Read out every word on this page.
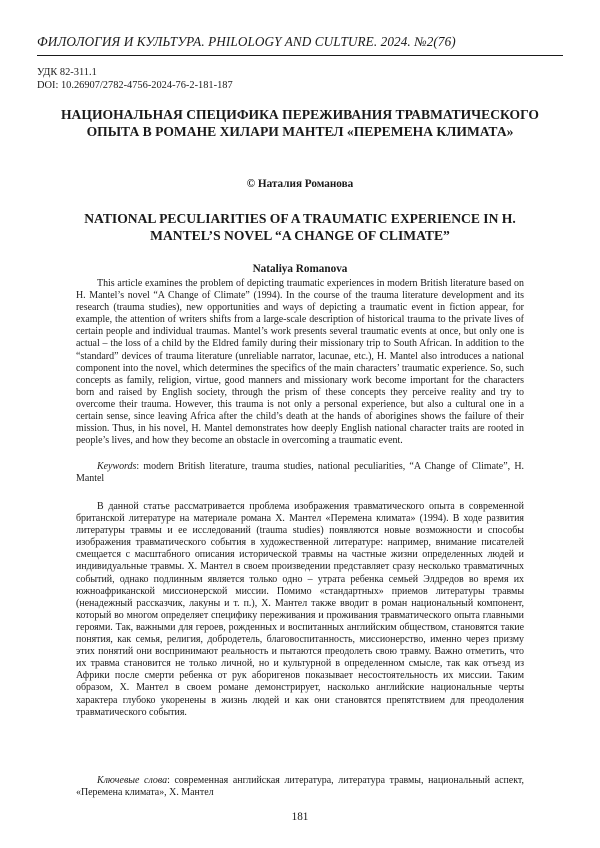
ФИЛОЛОГИЯ И КУЛЬТУРА. PHILOLOGY AND CULTURE. 2024. №2(76)
УДК 82-311.1
DOI: 10.26907/2782-4756-2024-76-2-181-187
НАЦИОНАЛЬНАЯ СПЕЦИФИКА ПЕРЕЖИВАНИЯ ТРАВМАТИЧЕСКОГО ОПЫТА В РОМАНЕ ХИЛАРИ МАНТЕЛ «ПЕРЕМЕНА КЛИМАТА»
© Наталия Романова
NATIONAL PECULIARITIES OF A TRAUMATIC EXPERIENCE IN H. MANTEL’S NOVEL “A CHANGE OF CLIMATE”
Nataliya Romanova

This article examines the problem of depicting traumatic experiences in modern British literature based on H. Mantel’s novel “A Change of Climate” (1994). In the course of the trauma literature development and its research (trauma studies), new opportunities and ways of depicting a traumatic event in fiction appear, for example, the attention of writers shifts from a large-scale description of historical trauma to the private lives of certain people and individual traumas. Mantel’s work presents several traumatic events at once, but only one is actual – the loss of a child by the Eldred family during their missionary trip to South African. In addition to the “standard” devices of trauma literature (unreliable narrator, lacunae, etc.), H. Mantel also introduces a national component into the novel, which determines the specifics of the main characters’ traumatic experience. So, such concepts as family, religion, virtue, good manners and missionary work become important for the characters born and raised by English society, through the prism of these concepts they perceive reality and try to overcome their trauma. However, this trauma is not only a personal experience, but also a cultural one in a certain sense, since leaving Africa after the child’s death at the hands of aborigines shows the failure of their mission. Thus, in his novel, H. Mantel demonstrates how deeply English national character traits are rooted in people’s lives, and how they become an obstacle in overcoming a traumatic event.

Keywords: modern British literature, trauma studies, national peculiarities, “A Change of Climate”, H. Mantel

В данной статье рассматривается проблема изображения травматического опыта в современной британской литературе на материале романа Х. Мантел «Перемена климата» (1994). В ходе развития литературы травмы и ее исследований (trauma studies) появляются новые возможности и способы изображения травматического события в художественной литературе: например, внимание писателей смещается с масштабного описания исторической травмы на частные жизни определенных людей и индивидуальные травмы. Х. Мантел в своем произведении представляет сразу несколько травматичных событий, однако подлинным является только одно – утрата ребенка семьей Элдредов во время их южноафриканской миссионерской миссии. Помимо «стандартных» приемов литературы травмы (ненадежный рассказчик, лакуны и т. п.), Х. Мантел также вводит в роман национальный компонент, который во многом определяет специфику переживания и проживания травматического опыта главными героями. Так, важными для героев, рожденных и воспитанных английским обществом, становятся такие понятия, как семья, религия, добродетель, благовоспитанность, миссионерство, именно через призму этих понятий они воспринимают реальность и пытаются преодолеть свою травму. Важно отметить, что их травма становится не только личной, но и культурной в определенном смысле, так как отъезд из Африки после смерти ребенка от рук аборигенов показывает несостоятельность их миссии. Таким образом, Х. Мантел в своем романе демонстрирует, насколько английские национальные черты характера глубоко укоренены в жизнь людей и как они становятся препятствием для преодоления травматического события.

Ключевые слова: современная английская литература, литература травмы, национальный аспект, «Перемена климата», Х. Мантел

181
